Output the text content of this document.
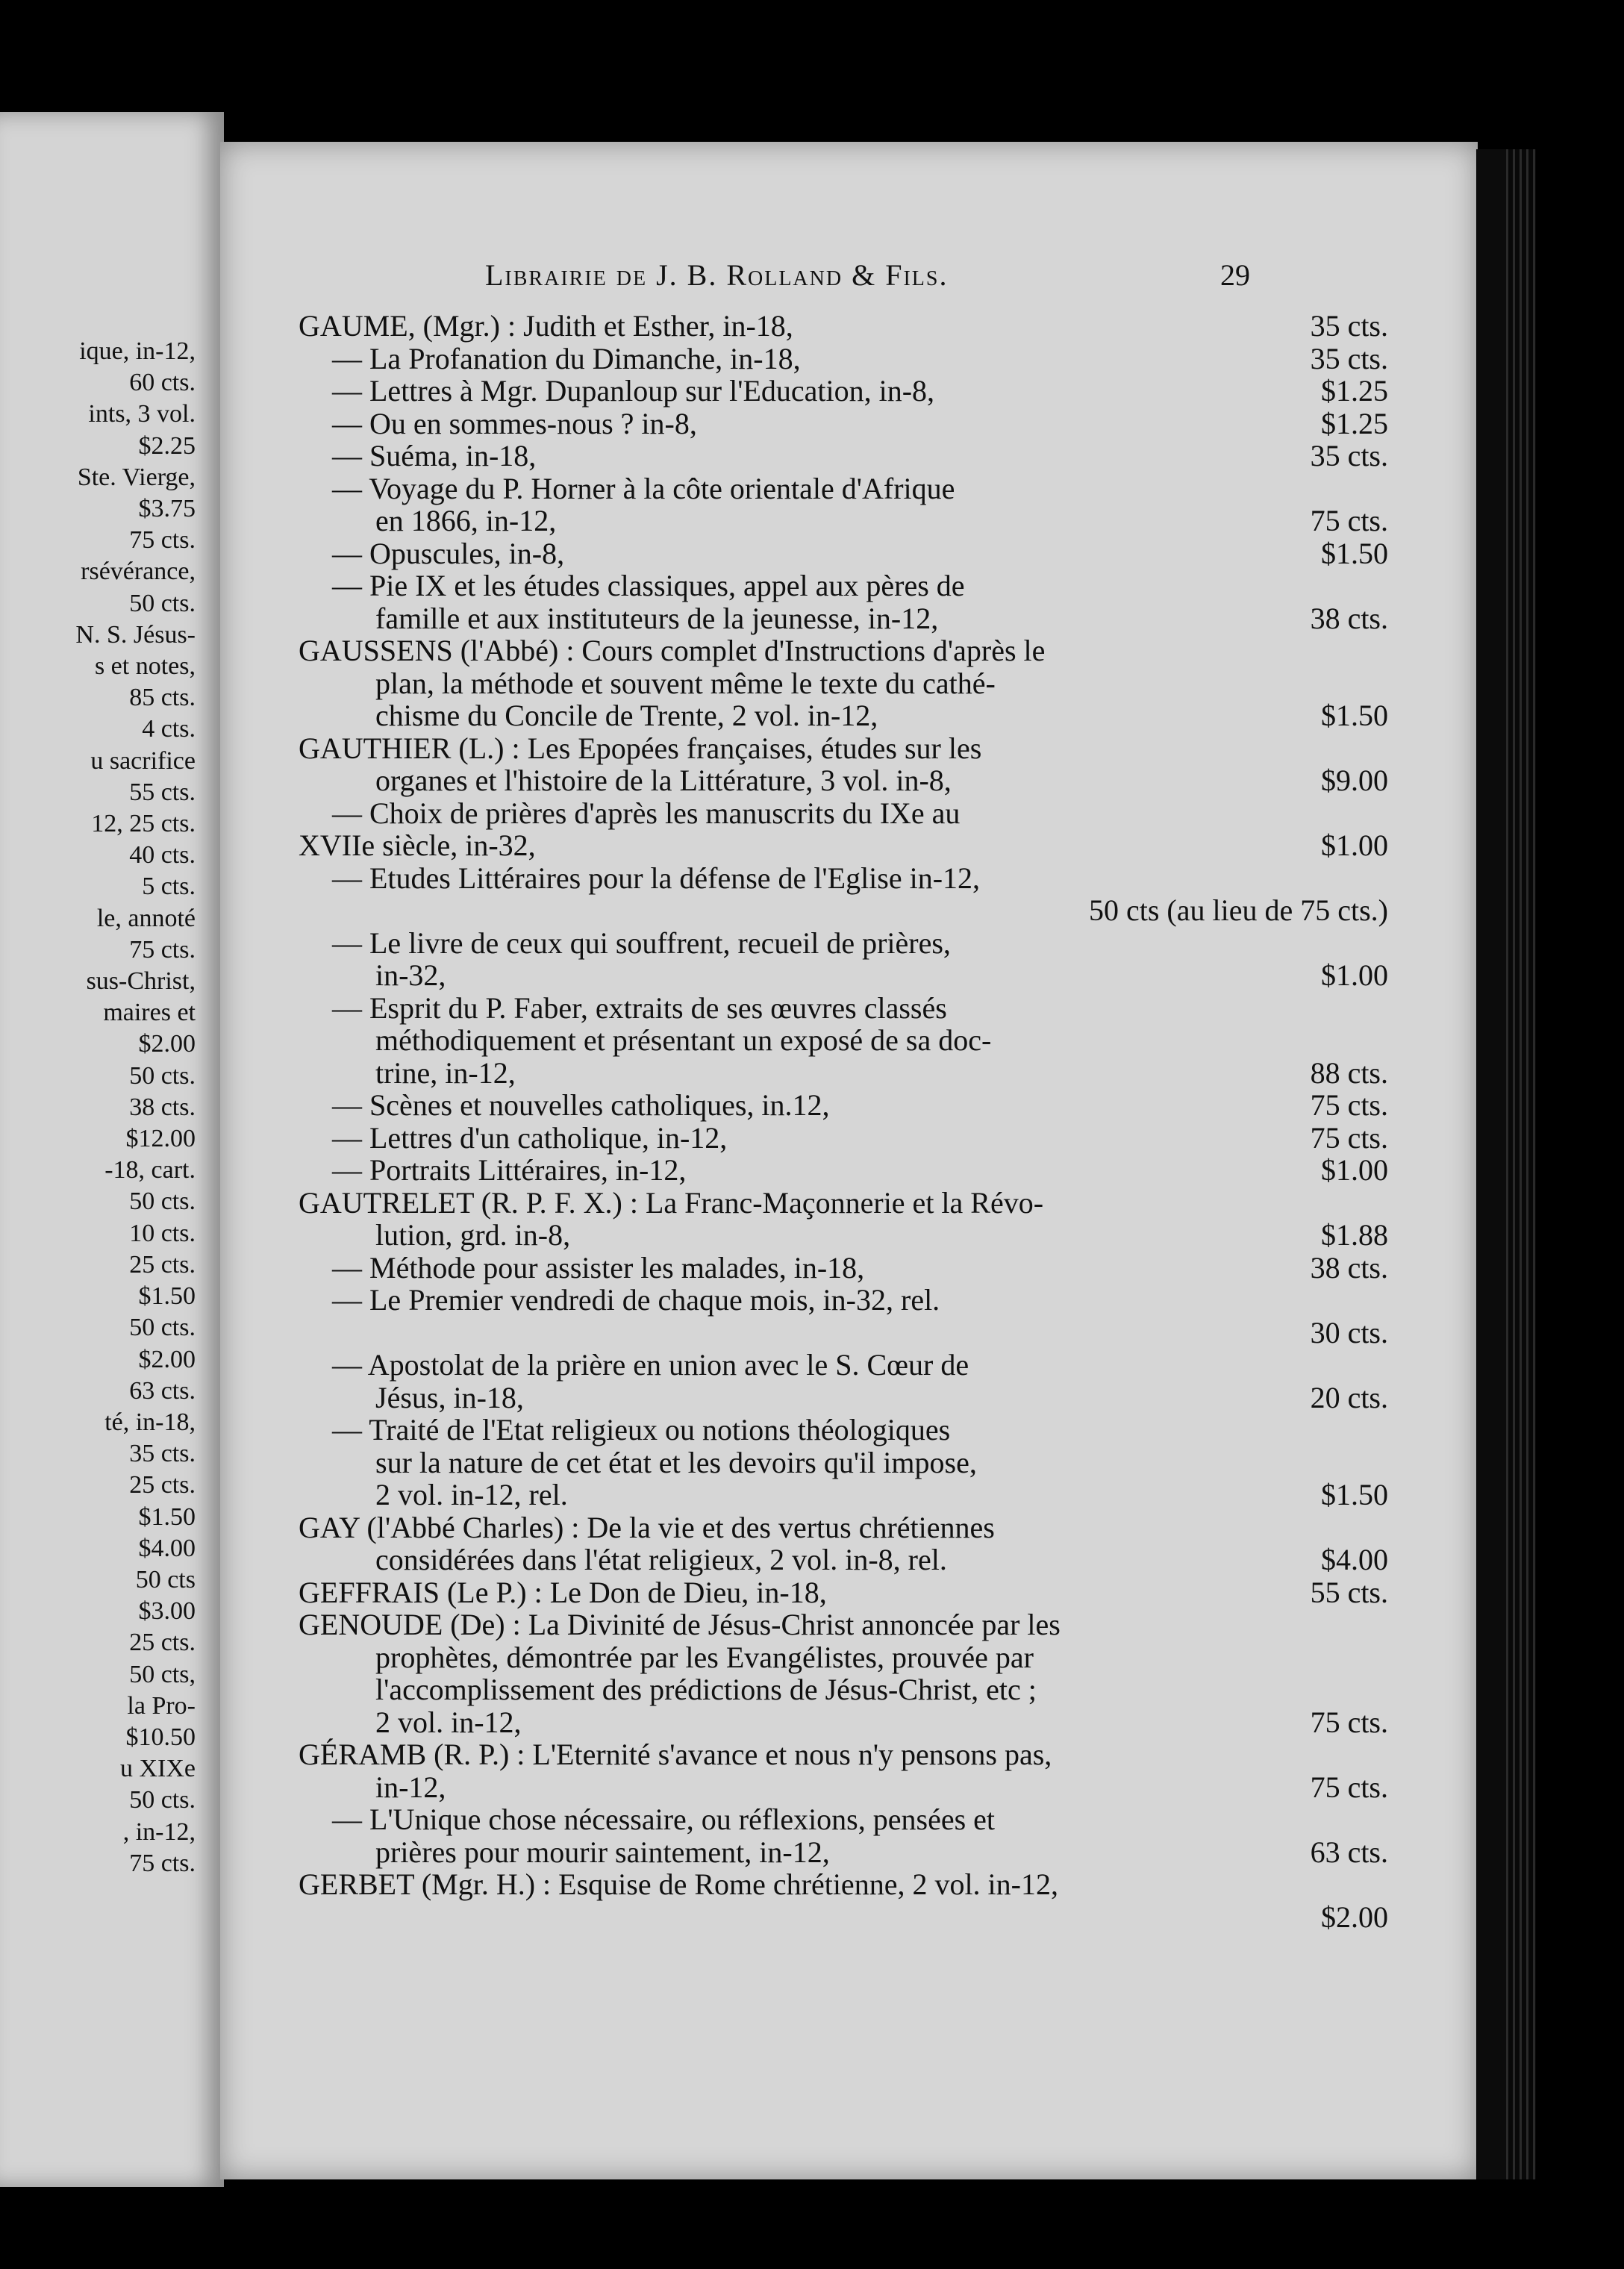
ique, in-12,
60 cts.
ints, 3 vol.
$2.25
Ste. Vierge,
$3.75
75 cts.
rsévérance,
50 cts.
N. S. Jésus-
s et notes,
85 cts.
4 cts.
u sacrifice
55 cts.
12, 25 cts.
40 cts.
5 cts.
le, annoté
75 cts.
sus-Christ,
maires et
$2.00
50 cts.
38 cts.
$12.00
-18, cart.
50 cts.
10 cts.
25 cts.
$1.50
50 cts.
$2.00
63 cts.
té, in-18,
35 cts.
25 cts.
$1.50
$4.00
50 cts
$3.00
25 cts.
50 cts,
la Pro-
$10.50
u XIXe
50 cts.
, in-12,
75 cts.
Librairie de J. B. Rolland & Fils.	29
GAUME, (Mgr.) : Judith et Esther, in-18,	35 cts.
— La Profanation du Dimanche, in-18,	35 cts.
— Lettres à Mgr. Dupanloup sur l'Education, in-8,	$1.25
— Ou en sommes-nous ? in-8,	$1.25
— Suéma, in-18,	35 cts.
— Voyage du P. Horner à la côte orientale d'Afrique
en 1866, in-12,	75 cts.
— Opuscules, in-8,	$1.50
— Pie IX et les études classiques, appel aux pères de
famille et aux instituteurs de la jeunesse, in-12,	38 cts.
GAUSSENS (l'Abbé) : Cours complet d'Instructions d'après le
plan, la méthode et souvent même le texte du cathé-
chisme du Concile de Trente, 2 vol. in-12,	$1.50
GAUTHIER (L.) : Les Epopées françaises, études sur les
organes et l'histoire de la Littérature, 3 vol. in-8,	$9.00
— Choix de prières d'après les manuscrits du IXe au
XVIIe siècle, in-32,	$1.00
— Etudes Littéraires pour la défense de l'Eglise in-12,
50 cts (au lieu de 75 cts.)
— Le livre de ceux qui souffrent, recueil de prières,
in-32,	$1.00
— Esprit du P. Faber, extraits de ses œuvres classés
méthodiquement et présentant un exposé de sa doc-
trine, in-12,	88 cts.
— Scènes et nouvelles catholiques, in.12,	75 cts.
— Lettres d'un catholique, in-12,	75 cts.
— Portraits Littéraires, in-12,	$1.00
GAUTRELET (R. P. F. X.) : La Franc-Maçonnerie et la Révo-
lution, grd. in-8,	$1.88
— Méthode pour assister les malades, in-18,	38 cts.
— Le Premier vendredi de chaque mois, in-32, rel.
30 cts.
— Apostolat de la prière en union avec le S. Cœur de
Jésus, in-18,	20 cts.
— Traité de l'Etat religieux ou notions théologiques
sur la nature de cet état et les devoirs qu'il impose,
2 vol. in-12, rel.	$1.50
GAY (l'Abbé Charles) : De la vie et des vertus chrétiennes
considérées dans l'état religieux, 2 vol. in-8, rel.	$4.00
GEFFRAIS (Le P.) : Le Don de Dieu, in-18,	55 cts.
GENOUDE (De) : La Divinité de Jésus-Christ annoncée par les
prophètes, démontrée par les Evangélistes, prouvée par
l'accomplissement des prédictions de Jésus-Christ, etc ;
2 vol. in-12,	75 cts.
GÉRAMB (R. P.) : L'Eternité s'avance et nous n'y pensons pas,
in-12,	75 cts.
— L'Unique chose nécessaire, ou réflexions, pensées et
prières pour mourir saintement, in-12,	63 cts.
GERBET (Mgr. H.) : Esquise de Rome chrétienne, 2 vol. in-12,
$2.00
